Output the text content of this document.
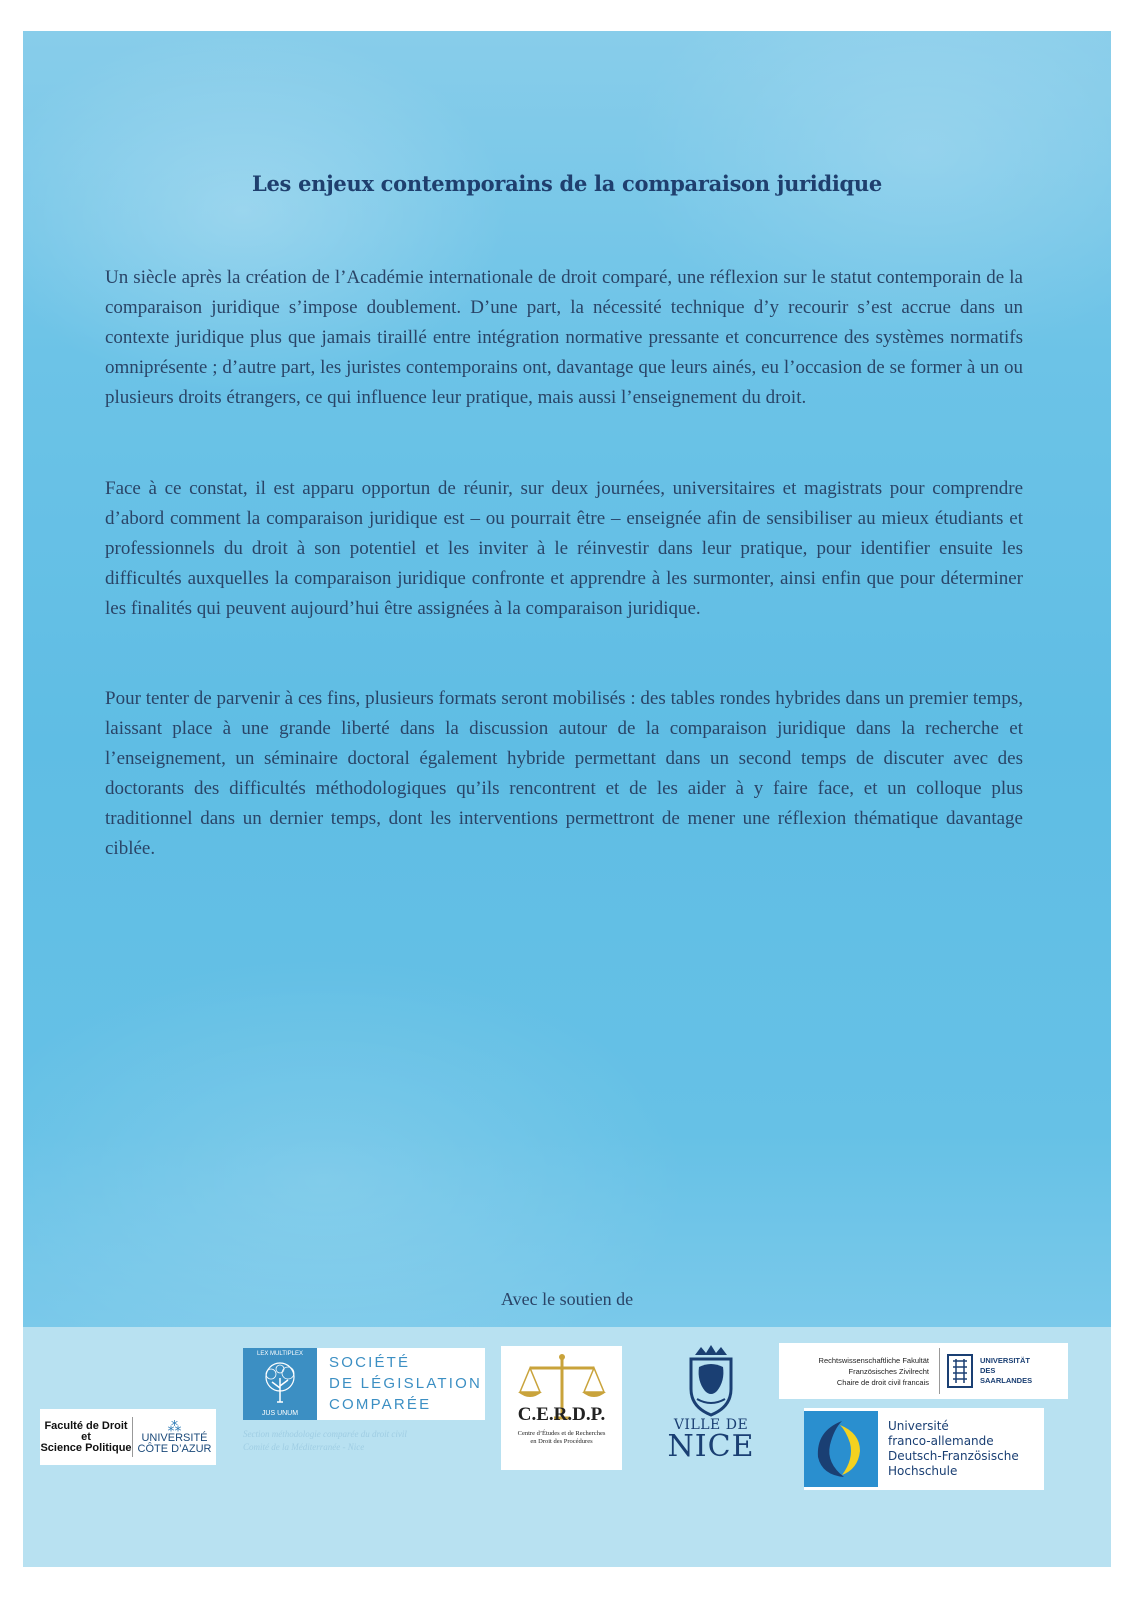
Les enjeux contemporains de la comparaison juridique

Un siècle après la création de l’Académie internationale de droit comparé, une réflexion sur le statut contemporain de la comparaison juridique s’impose doublement. D’une part, la nécessité technique d’y recourir s’est accrue dans un contexte juridique plus que jamais tiraillé entre intégration normative pressante et concurrence des systèmes normatifs omniprésente ; d’autre part, les juristes contemporains ont, davantage que leurs ainés, eu l’occasion de se former à un ou plusieurs droits étrangers, ce qui influence leur pratique, mais aussi l’enseignement du droit.

Face à ce constat, il est apparu opportun de réunir, sur deux journées, universitaires et magistrats pour comprendre d’abord comment la comparaison juridique est – ou pourrait être – enseignée afin de sensibiliser au mieux étudiants et professionnels du droit à son potentiel et les inviter à le réinvestir dans leur pratique, pour identifier ensuite les difficultés auxquelles la comparaison juridique confronte et apprendre à les surmonter, ainsi enfin que pour déterminer les finalités qui peuvent aujourd’hui être assignées à la comparaison juridique.

Pour tenter de parvenir à ces fins, plusieurs formats seront mobilisés : des tables rondes hybrides dans un premier temps, laissant place à une grande liberté dans la discussion autour de la comparaison juridique dans la recherche et l’enseignement, un séminaire doctoral également hybride permettant dans un second temps de discuter avec des doctorants des difficultés méthodologiques qu’ils rencontrent et de les aider à y faire face, et un colloque plus traditionnel dans un dernier temps, dont les interventions permettront de mener une réflexion thématique davantage ciblée.

Avec le soutien de
Faculté de Droit
et
Science Politique
⁂
UNIVERSITÉ
CÔTE D’AZUR
LEX MULTIPLEX
JUS UNUM
SOCIÉTÉ
DE LÉGISLATION
COMPARÉE
Section méthodologie comparée du droit civil
Comité de la Méditerranée - Nice
C.E.R.D.P.
Centre d’Études et de Recherches
en Droit des Procédures
VILLE DE
NICE
Rechtswissenschaftliche Fakultät
Französisches Zivilrecht
Chaire de droit civil francais
UNIVERSITÄT
DES
SAARLANDES
Université
franco-allemande
Deutsch-Französische
Hochschule
